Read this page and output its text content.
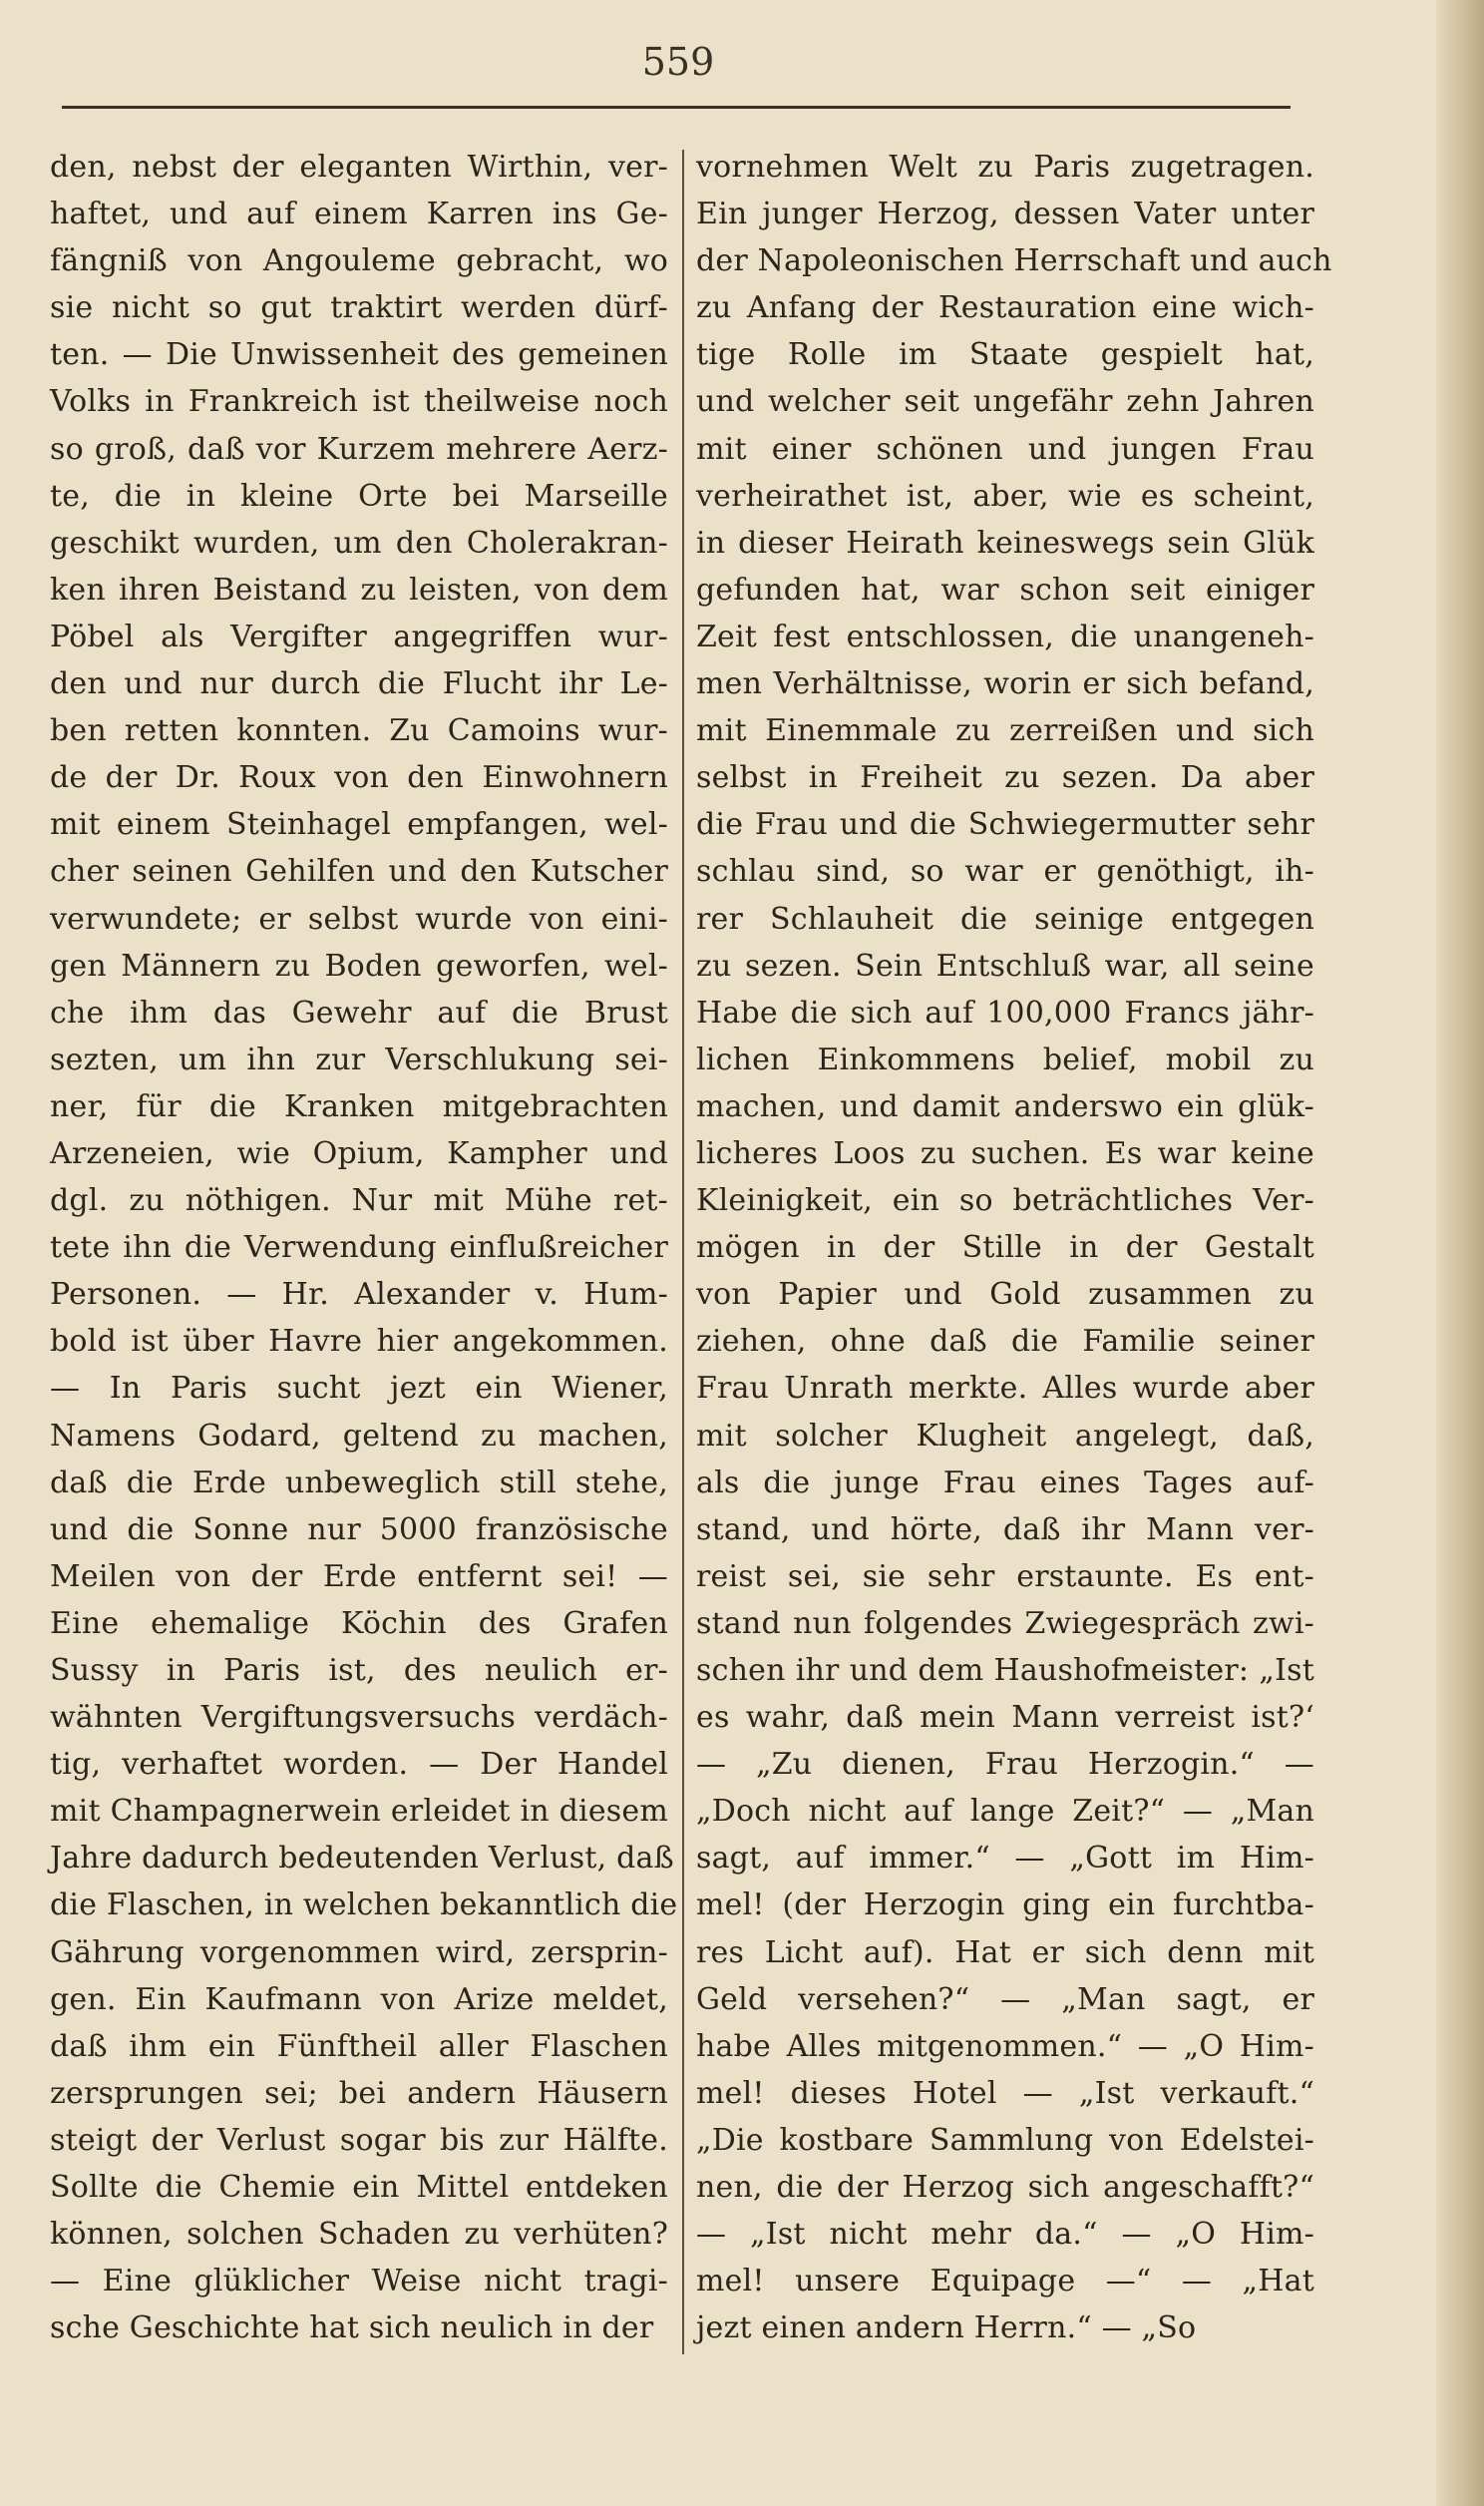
559
den, nebst der eleganten Wirthin, ver-
haftet, und auf einem Karren ins Ge-
fängniß von Angouleme gebracht, wo
sie nicht so gut traktirt werden dürf-
ten. — Die Unwissenheit des gemeinen
Volks in Frankreich ist theilweise noch
so groß, daß vor Kurzem mehrere Aerz-
te, die in kleine Orte bei Marseille
geschikt wurden, um den Cholerakran-
ken ihren Beistand zu leisten, von dem
Pöbel als Vergifter angegriffen wur-
den und nur durch die Flucht ihr Le-
ben retten konnten. Zu Camoins wur-
de der Dr. Roux von den Einwohnern
mit einem Steinhagel empfangen, wel-
cher seinen Gehilfen und den Kutscher
verwundete; er selbst wurde von eini-
gen Männern zu Boden geworfen, wel-
che ihm das Gewehr auf die Brust
sezten, um ihn zur Verschlukung sei-
ner, für die Kranken mitgebrachten
Arzeneien, wie Opium, Kampher und
dgl. zu nöthigen. Nur mit Mühe ret-
tete ihn die Verwendung einflußreicher
Personen. — Hr. Alexander v. Hum-
bold ist über Havre hier angekommen.
— In Paris sucht jezt ein Wiener,
Namens Godard, geltend zu machen,
daß die Erde unbeweglich still stehe,
und die Sonne nur 5000 französische
Meilen von der Erde entfernt sei! —
Eine ehemalige Köchin des Grafen
Sussy in Paris ist, des neulich er-
wähnten Vergiftungsversuchs verdäch-
tig, verhaftet worden. — Der Handel
mit Champagnerwein erleidet in diesem
Jahre dadurch bedeutenden Verlust, daß
die Flaschen, in welchen bekanntlich die
Gährung vorgenommen wird, zersprin-
gen. Ein Kaufmann von Arize meldet,
daß ihm ein Fünftheil aller Flaschen
zersprungen sei; bei andern Häusern
steigt der Verlust sogar bis zur Hälfte.
Sollte die Chemie ein Mittel entdeken
können, solchen Schaden zu verhüten?
— Eine glüklicher Weise nicht tragi-
sche Geschichte hat sich neulich in der
vornehmen Welt zu Paris zugetragen.
Ein junger Herzog, dessen Vater unter
der Napoleonischen Herrschaft und auch
zu Anfang der Restauration eine wich-
tige Rolle im Staate gespielt hat,
und welcher seit ungefähr zehn Jahren
mit einer schönen und jungen Frau
verheirathet ist, aber, wie es scheint,
in dieser Heirath keineswegs sein Glük
gefunden hat, war schon seit einiger
Zeit fest entschlossen, die unangeneh-
men Verhältnisse, worin er sich befand,
mit Einemmale zu zerreißen und sich
selbst in Freiheit zu sezen. Da aber
die Frau und die Schwiegermutter sehr
schlau sind, so war er genöthigt, ih-
rer Schlauheit die seinige entgegen
zu sezen. Sein Entschluß war, all seine
Habe die sich auf 100,000 Francs jähr-
lichen Einkommens belief, mobil zu
machen, und damit anderswo ein glük-
licheres Loos zu suchen. Es war keine
Kleinigkeit, ein so beträchtliches Ver-
mögen in der Stille in der Gestalt
von Papier und Gold zusammen zu
ziehen, ohne daß die Familie seiner
Frau Unrath merkte. Alles wurde aber
mit solcher Klugheit angelegt, daß,
als die junge Frau eines Tages auf-
stand, und hörte, daß ihr Mann ver-
reist sei, sie sehr erstaunte. Es ent-
stand nun folgendes Zwiegespräch zwi-
schen ihr und dem Haushofmeister: „Ist
es wahr, daß mein Mann verreist ist?‘
— „Zu dienen, Frau Herzogin.“ —
„Doch nicht auf lange Zeit?“ — „Man
sagt, auf immer.“ — „Gott im Him-
mel! (der Herzogin ging ein furchtba-
res Licht auf). Hat er sich denn mit
Geld versehen?“ — „Man sagt, er
habe Alles mitgenommen.“ — „O Him-
mel! dieses Hotel — „Ist verkauft.“
„Die kostbare Sammlung von Edelstei-
nen, die der Herzog sich angeschafft?“
— „Ist nicht mehr da.“ — „O Him-
mel! unsere Equipage —“ — „Hat
jezt einen andern Herrn.“ — „So
